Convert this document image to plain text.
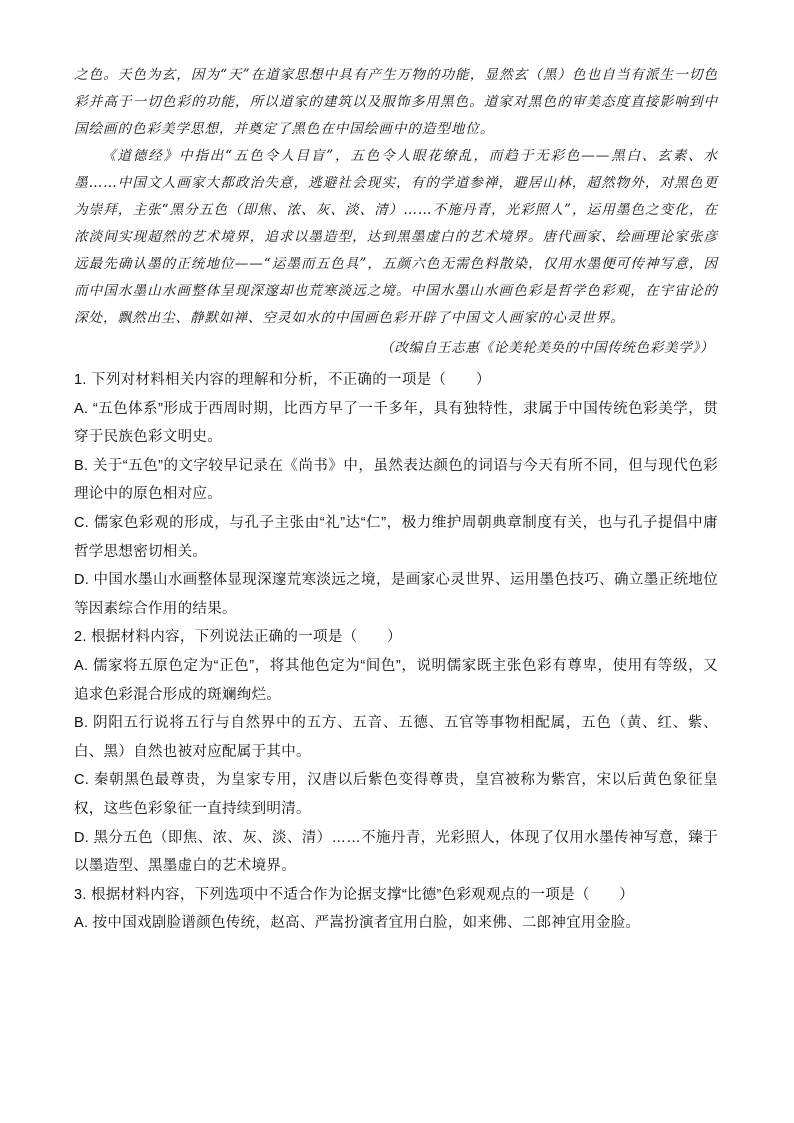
之色。天色为玄，因为“天”在道家思想中具有产生万物的功能，显然玄（黑）色也自当有派生一切色彩并高于一切色彩的功能，所以道家的建筑以及服饰多用黑色。道家对黑色的审美态度直接影响到中国绘画的色彩美学思想，并奠定了黑色在中国绘画中的造型地位。

《道德经》中指出“五色令人目盲”，五色令人眼花缭乱，而趋于无彩色——黑白、玄素、水墨……中国文人画家大都政治失意，逃避社会现实，有的学道参禅，避居山林，超然物外，对黑色更为崇拜，主张“黑分五色（即焦、浓、灰、淡、清）……不施丹青，光彩照人”，运用墨色之变化，在浓淡间实现超然的艺术境界，追求以墨造型，达到黑墨虚白的艺术境界。唐代画家、绘画理论家张彦远最先确认墨的正统地位——“运墨而五色具”，五颜六色无需色料散染，仅用水墨便可传神写意，因而中国水墨山水画整体呈现深邃却也荒寒淡远之境。中国水墨山水画色彩是哲学色彩观，在宇宙论的深处，飘然出尘、静默如禅、空灵如水的中国画色彩开辟了中国文人画家的心灵世界。

（改编自王志惠《论美轮美奂的中国传统色彩美学》）

1. 下列对材料相关内容的理解和分析，不正确的一项是（　　）

A. “五色体系”形成于西周时期，比西方早了一千多年，具有独特性，隶属于中国传统色彩美学，贯穿于民族色彩文明史。

B. 关于“五色”的文字较早记录在《尚书》中，虽然表达颜色的词语与今天有所不同，但与现代色彩理论中的原色相对应。

C. 儒家色彩观的形成，与孔子主张由“礼”达“仁”，极力维护周朝典章制度有关，也与孔子提倡中庸哲学思想密切相关。

D. 中国水墨山水画整体显现深邃荒寒淡远之境，是画家心灵世界、运用墨色技巧、确立墨正统地位等因素综合作用的结果。

2. 根据材料内容，下列说法正确的一项是（　　）

A. 儒家将五原色定为“正色”，将其他色定为“间色”，说明儒家既主张色彩有尊卑，使用有等级，又追求色彩混合形成的斑斓绚烂。

B. 阴阳五行说将五行与自然界中的五方、五音、五德、五官等事物相配属，五色（黄、红、紫、白、黑）自然也被对应配属于其中。

C. 秦朝黑色最尊贵，为皇家专用，汉唐以后紫色变得尊贵，皇宫被称为紫宫，宋以后黄色象征皇权，这些色彩象征一直持续到明清。

D. 黑分五色（即焦、浓、灰、淡、清）……不施丹青，光彩照人，体现了仅用水墨传神写意，臻于以墨造型、黑墨虚白的艺术境界。

3. 根据材料内容，下列选项中不适合作为论据支撑“比德”色彩观观点的一项是（　　）

A. 按中国戏剧脸谱颜色传统，赵高、严嵩扮演者宜用白脸，如来佛、二郎神宜用金脸。
